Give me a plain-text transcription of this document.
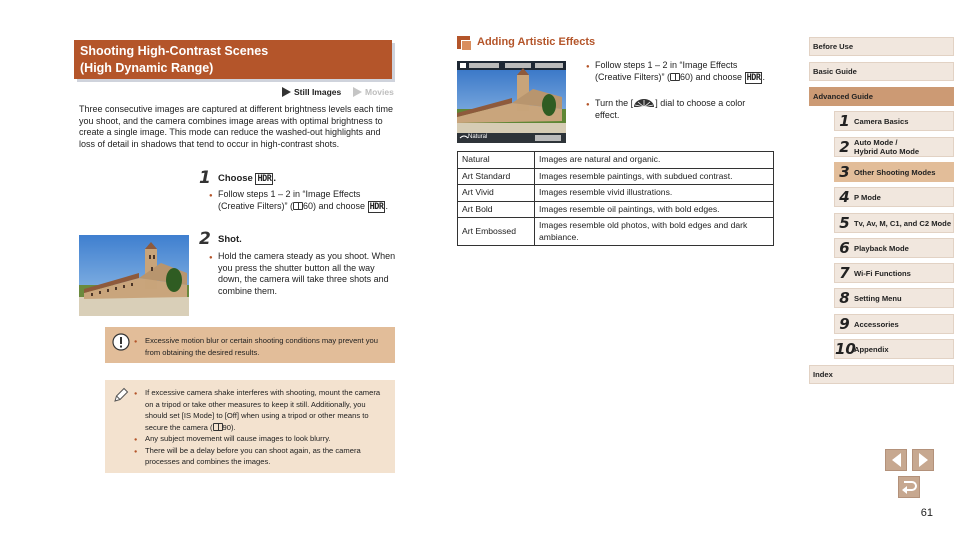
Shooting High-Contrast Scenes
(High Dynamic Range)
Still Images	Movies
Three consecutive images are captured at different brightness levels each time you shoot, and the camera combines image areas with optimal brightness to create a single image. This mode can reduce the washed-out highlights and loss of detail in shadows that tend to occur in high-contrast shots.
1 Choose HDR .
● Follow steps 1 – 2 in “Image Effects (Creative Filters)” ( 60) and choose HDR .
2 Shot.
● Hold the camera steady as you shoot. When you press the shutter button all the way down, the camera will take three shots and combine them.
● Excessive motion blur or certain shooting conditions may prevent you from obtaining the desired results.
● If excessive camera shake interferes with shooting, mount the camera on a tripod or take other measures to keep it still. Additionally, you should set [IS Mode] to [Off] when using a tripod or other means to secure the camera ( 90).
● Any subject movement will cause images to look blurry.
● There will be a delay before you can shoot again, as the camera processes and combines the images.
Adding Artistic Effects
Natural
● Follow steps 1 – 2 in “Image Effects (Creative Filters)” ( 60) and choose HDR .
● Turn the [ ] dial to choose a color effect.
Natural	Images are natural and organic.
Art Standard	Images resemble paintings, with subdued contrast.
Art Vivid	Images resemble vivid illustrations.
Art Bold	Images resemble oil paintings, with bold edges.
Art Embossed	Images resemble old photos, with bold edges and dark ambiance.
Before Use
Basic Guide
Advanced Guide
1 Camera Basics
2 Auto Mode /
Hybrid Auto Mode
3 Other Shooting Modes
4 P Mode
5 Tv, Av, M, C1, and C2 Mode
6 Playback Mode
7 Wi-Fi Functions
8 Setting Menu
9 Accessories
10
Appendix
Index
61
